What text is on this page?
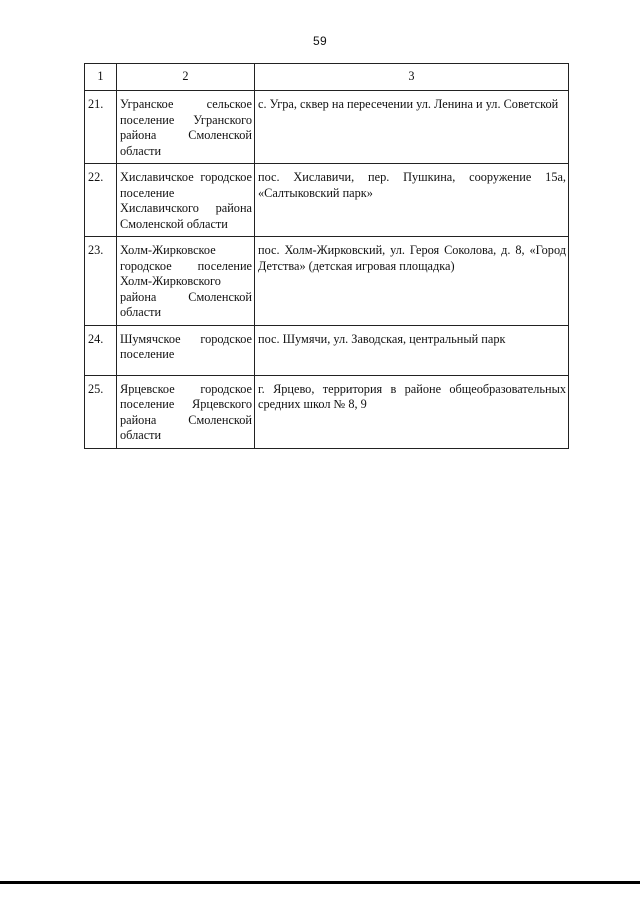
59
1	2	3
21.	Угранское сельское поселение Угранского района Смоленской области	с. Угра, сквер на пересечении ул. Ленина и ул. Советской
22.	Хиславичское городское поселение Хиславичского района Смоленской области	пос. Хиславичи, пер. Пушкина, сооружение 15а, «Салтыковский парк»
23.	Холм-Жирковское городское поселение Холм-Жирковского района Смоленской области	пос. Холм-Жирковский, ул. Героя Соколова, д. 8, «Город Детства» (детская игровая площадка)
24.	Шумячское городское поселение	пос. Шумячи, ул. Заводская, центральный парк
25.	Ярцевское городское поселение Ярцевского района Смоленской области	г. Ярцево, территория в районе общеобразовательных средних школ № 8, 9
